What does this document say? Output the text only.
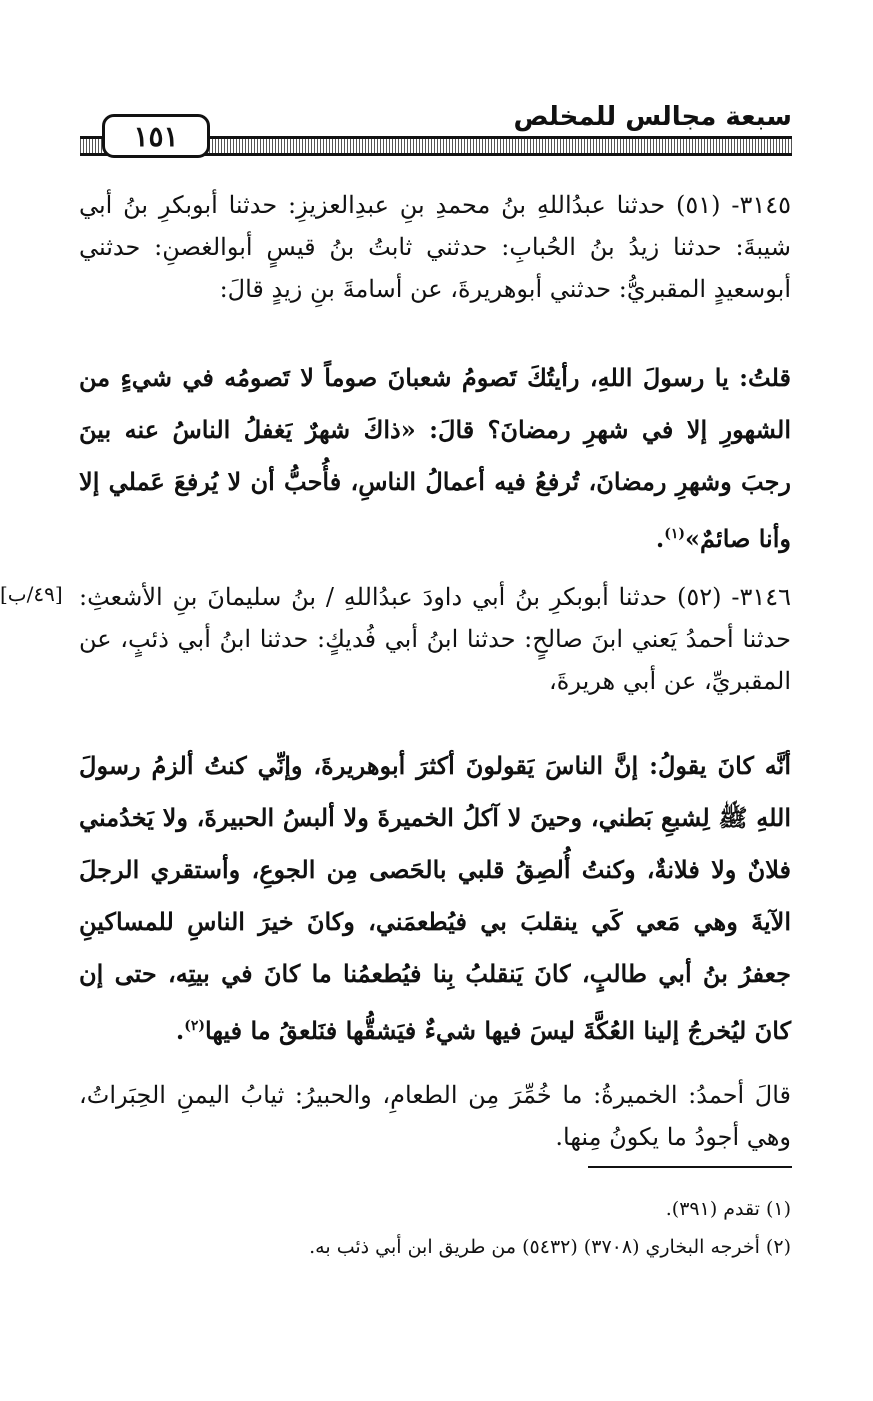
سبعة مجالس للمخلص
١٥١

٣١٤٥- (٥١) حدثنا عبدُاللهِ بنُ محمدِ بنِ عبدِالعزيزِ: حدثنا أبوبكرِ بنُ أبي شيبةَ: حدثنا زيدُ بنُ الحُبابِ: حدثني ثابتُ بنُ قيسٍ أبوالغصنِ: حدثني أبوسعيدٍ المقبريُّ: حدثني أبوهريرةَ، عن أسامةَ بنِ زيدٍ قالَ:

قلتُ: يا رسولَ اللهِ، رأيتُكَ تَصومُ شعبانَ صوماً لا تَصومُه في شيءٍ من الشهورِ إلا في شهرِ رمضانَ؟ قالَ: «ذاكَ شهرٌ يَغفلُ الناسُ عنه بينَ رجبَ وشهرِ رمضانَ، تُرفعُ فيه أعمالُ الناسِ، فأُحبُّ أن لا يُرفعَ عَملي إلا وأنا صائمٌ»$^{(١)}$.

[٤٩/ب] ٣١٤٦- (٥٢) حدثنا أبوبكرِ بنُ أبي داودَ عبدُاللهِ / بنُ سليمانَ بنِ الأشعثِ: حدثنا أحمدُ يَعني ابنَ صالحٍ: حدثنا ابنُ أبي فُديكٍ: حدثنا ابنُ أبي ذئبٍ، عن المقبريِّ، عن أبي هريرةَ،

أنَّه كانَ يقولُ: إنَّ الناسَ يَقولونَ أكثرَ أبوهريرةَ، وإنِّي كنتُ ألزمُ رسولَ اللهِ ﷺ لِشبعِ بَطني، وحينَ لا آكلُ الخميرةَ ولا ألبسُ الحبيرةَ، ولا يَخدُمني فلانٌ ولا فلانةٌ، وكنتُ أُلصِقُ قلبي بالحَصى مِن الجوعِ، وأستقري الرجلَ الآيةَ وهي مَعي كَي ينقلبَ بي فيُطعمَني، وكانَ خيرَ الناسِ للمساكينِ جعفرُ بنُ أبي طالبٍ، كانَ يَنقلبُ بِنا فيُطعمُنا ما كانَ في بيتِه، حتى إن كانَ ليُخرجُ إلينا العُكَّةَ ليسَ فيها شيءٌ فيَشقُّها فنَلعقُ ما فيها$^{(٢)}$.

قالَ أحمدُ: الخميرةُ: ما خُمِّرَ مِن الطعامِ، والحبيرُ: ثيابُ اليمنِ الحِبَراتُ، وهي أجودُ ما يكونُ مِنها.

(١) تقدم (٣٩١).

(٢) أخرجه البخاري (٣٧٠٨) (٥٤٣٢) من طريق ابن أبي ذئب به.
